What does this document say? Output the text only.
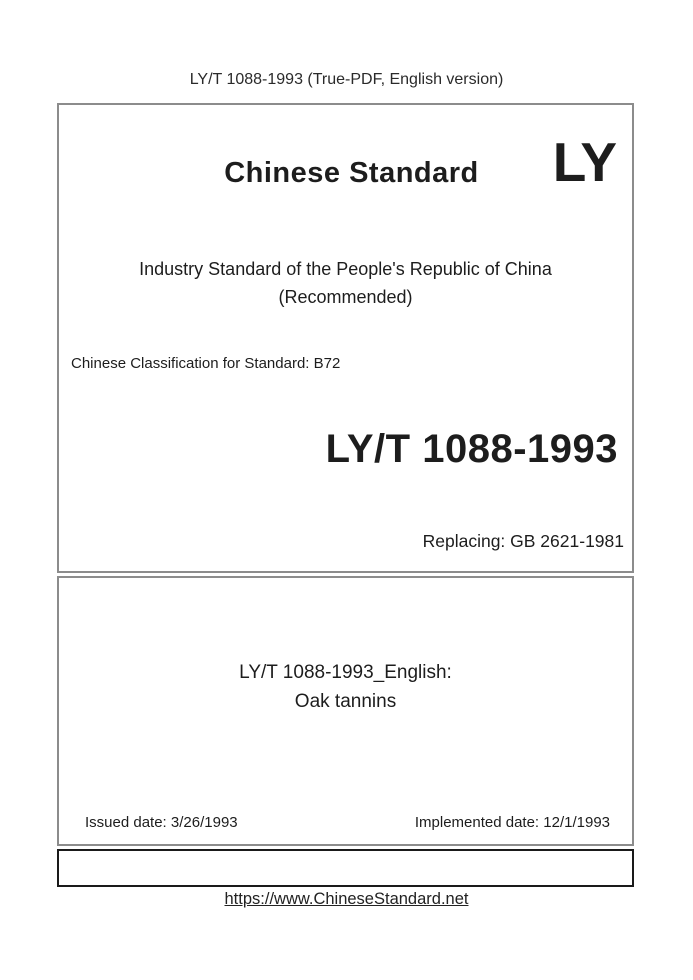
LY/T 1088-1993 (True-PDF, English version)
Chinese Standard	LY
Industry Standard of the People's Republic of China
(Recommended)
Chinese Classification for Standard: B72
LY/T 1088-1993
Replacing: GB 2621-1981
LY/T 1088-1993_English:
Oak tannins
Issued date: 3/26/1993	Implemented date: 12/1/1993
https://www.ChineseStandard.net
